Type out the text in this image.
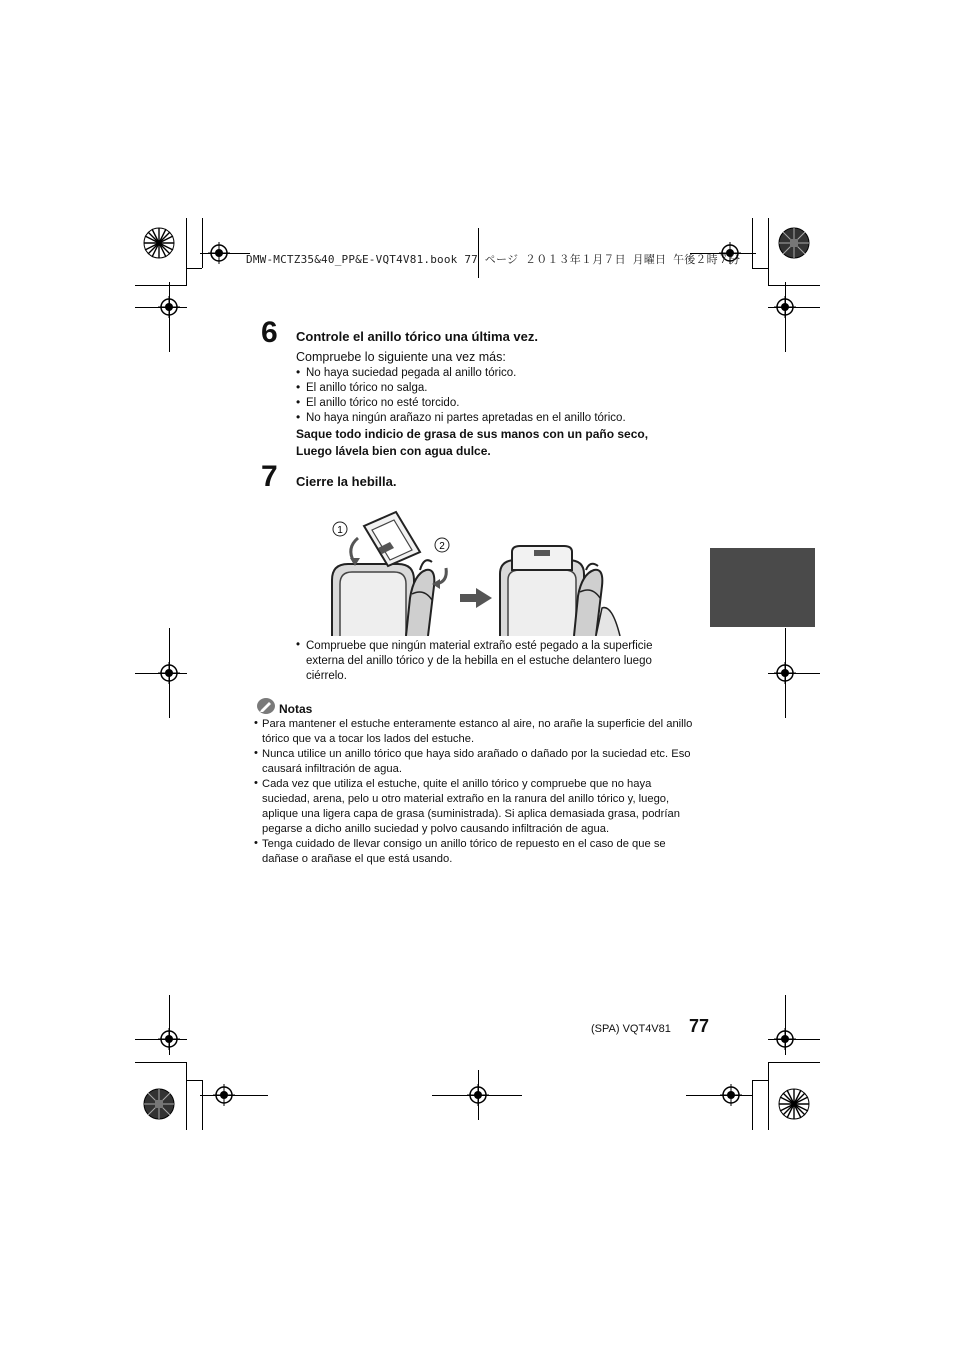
DMW-MCTZ35&40_PP&E-VQT4V81.book 77 ページ ２０１３年１月７日 月曜日 午後２時７分
6 Controle el anillo tórico una última vez.
Compruebe lo siguiente una vez más:
• No haya suciedad pegada al anillo tórico.
• El anillo tórico no salga.
• El anillo tórico no esté torcido.
• No haya ningún arañazo ni partes apretadas en el anillo tórico.
Saque todo indicio de grasa de sus manos con un paño seco,
Luego lávela bien con agua dulce.
7 Cierre la hebilla.
1
2
• Compruebe que ningún material extraño esté pegado a la superficie externa del anillo tórico y de la hebilla en el estuche delantero luego ciérrelo.
Notas
• Para mantener el estuche enteramente estanco al aire, no arañe la superficie del anillo tórico que va a tocar los lados del estuche.
• Nunca utilice un anillo tórico que haya sido arañado o dañado por la suciedad etc. Eso causará infiltración de agua.
• Cada vez que utiliza el estuche, quite el anillo tórico y compruebe que no haya suciedad, arena, pelo u otro material extraño en la ranura del anillo tórico y, luego, aplique una ligera capa de grasa (suministrada). Si aplica demasiada grasa, podrían pegarse a dicho anillo suciedad y polvo causando infiltración de agua.
• Tenga cuidado de llevar consigo un anillo tórico de repuesto en el caso de que se dañase o arañase el que está usando.
(SPA) VQT4V81 77
